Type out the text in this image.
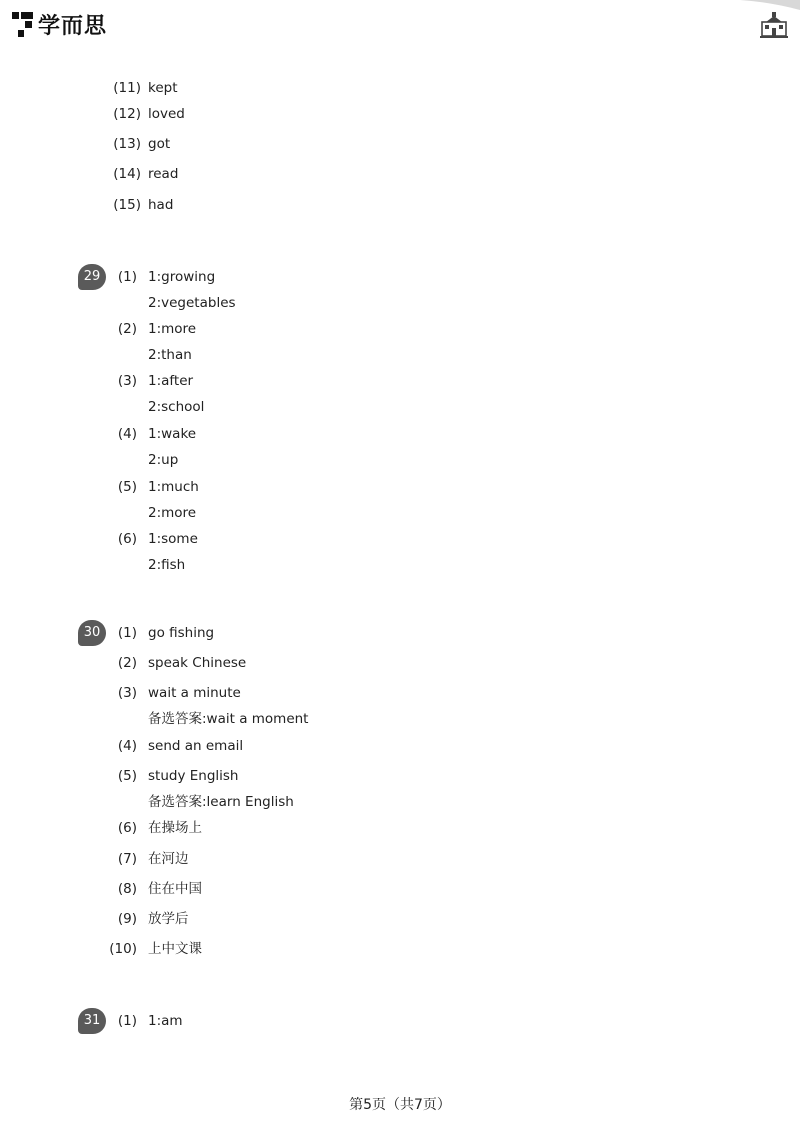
学而思
(11) kept
(12) loved
(13) got
(14) read
(15) had
29	(1) 1:growing
2:vegetables
(2) 1:more
2:than
(3) 1:after
2:school
(4) 1:wake
2:up
(5) 1:much
2:more
(6) 1:some
2:fish
30	(1) go fishing
(2) speak Chinese
(3) wait a minute
备选答案:wait a moment
(4) send an email
(5) study English
备选答案:learn English
(6) 在操场上
(7) 在河边
(8) 住在中国
(9) 放学后
(10) 上中文课
31	(1) 1:am
第5页（共7页）
